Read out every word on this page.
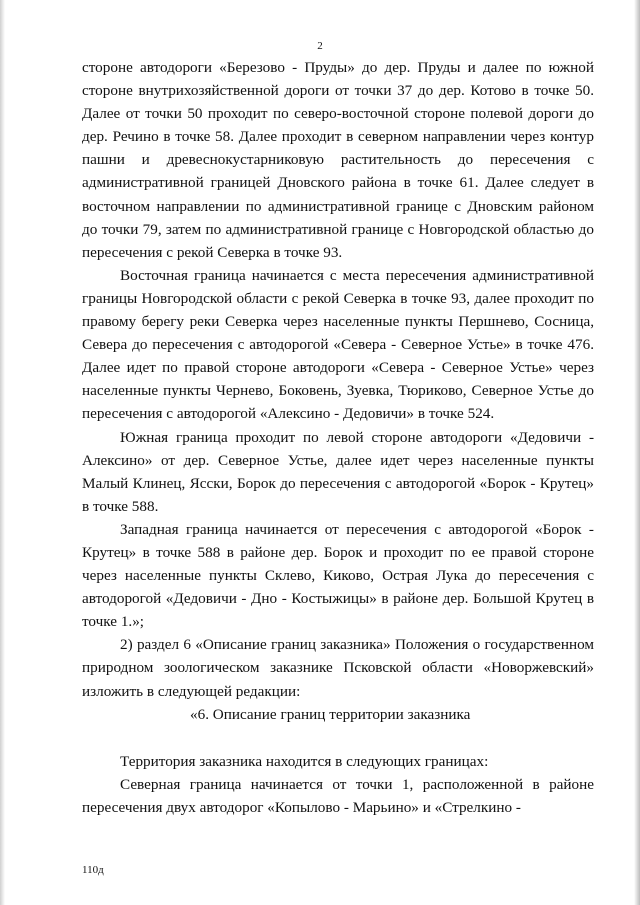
2

стороне автодороги «Березово - Пруды» до дер. Пруды и далее по южной стороне внутрихозяйственной дороги от точки 37 до дер. Котово в точке 50. Далее от точки 50 проходит по северо-восточной стороне полевой дороги до дер. Речино в точке 58. Далее проходит в северном направлении через контур пашни и древеснокустарниковую растительность до пересечения с административной границей Дновского района в точке 61. Далее следует в восточном направлении по административной границе с Дновским районом до точки 79, затем по административной границе с Новгородской областью до пересечения с рекой Северка в точке 93.

Восточная граница начинается с места пересечения административной границы Новгородской области с рекой Северка в точке 93, далее проходит по правому берегу реки Северка через населенные пункты Першнево, Сосница, Севера до пересечения с автодорогой «Севера - Северное Устье» в точке 476. Далее идет по правой стороне автодороги «Севера - Северное Устье» через населенные пункты Чернево, Боковень, Зуевка, Тюриково, Северное Устье до пересечения с автодорогой «Алексино - Дедовичи» в точке 524.

Южная граница проходит по левой стороне автодороги «Дедовичи - Алексино» от дер. Северное Устье, далее идет через населенные пункты Малый Клинец, Ясски, Борок до пересечения с автодорогой «Борок - Крутец» в точке 588.

Западная граница начинается от пересечения с автодорогой «Борок - Крутец» в точке 588 в районе дер. Борок и проходит по ее правой стороне через населенные пункты Склево, Киково, Острая Лука до пересечения с автодорогой «Дедовичи - Дно - Костыжицы» в районе дер. Большой Крутец в точке 1.»;

2) раздел 6 «Описание границ заказника» Положения о государственном природном зоологическом заказнике Псковской области «Новоржевский» изложить в следующей редакции:

«6. Описание границ территории заказника

Территория заказника находится в следующих границах:

Северная граница начинается от точки 1, расположенной в районе пересечения двух автодорог «Копылово - Марьино» и «Стрелкино -

110д
